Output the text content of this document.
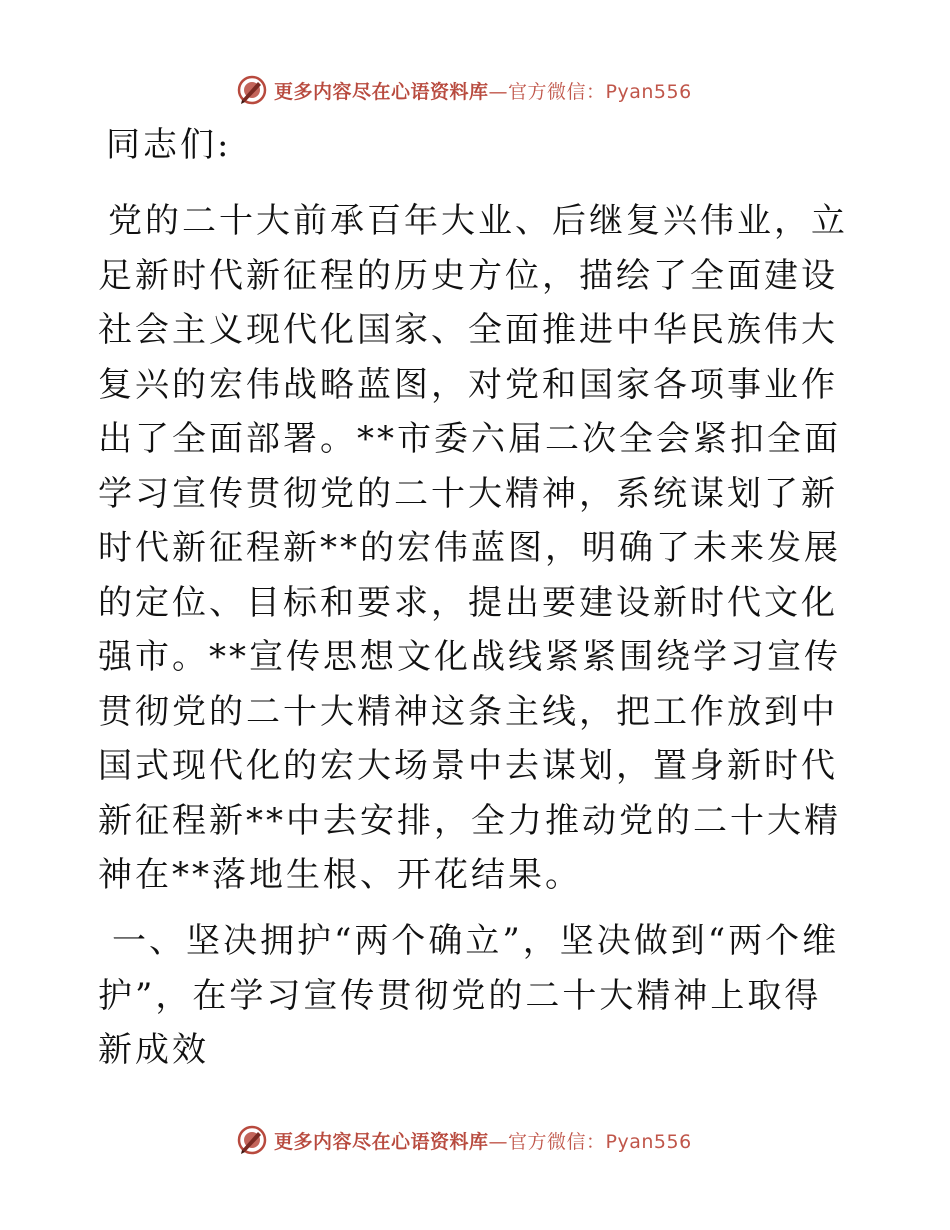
更多内容尽在心语资料库—官方微信：Pyan556
同志们:
党的二十大前承百年大业、后继复兴伟业，立足新时代新征程的历史方位，描绘了全面建设社会主义现代化国家、全面推进中华民族伟大复兴的宏伟战略蓝图，对党和国家各项事业作出了全面部署。**市委六届二次全会紧扣全面学习宣传贯彻党的二十大精神，系统谋划了新时代新征程新**的宏伟蓝图，明确了未来发展的定位、目标和要求，提出要建设新时代文化强市。**宣传思想文化战线紧紧围绕学习宣传贯彻党的二十大精神这条主线，把工作放到中国式现代化的宏大场景中去谋划，置身新时代新征程新**中去安排，全力推动党的二十大精神在**落地生根、开花结果。
一、坚决拥护“两个确立”，坚决做到“两个维护”，在学习宣传贯彻党的二十大精神上取得新成效
更多内容尽在心语资料库—官方微信：Pyan556
